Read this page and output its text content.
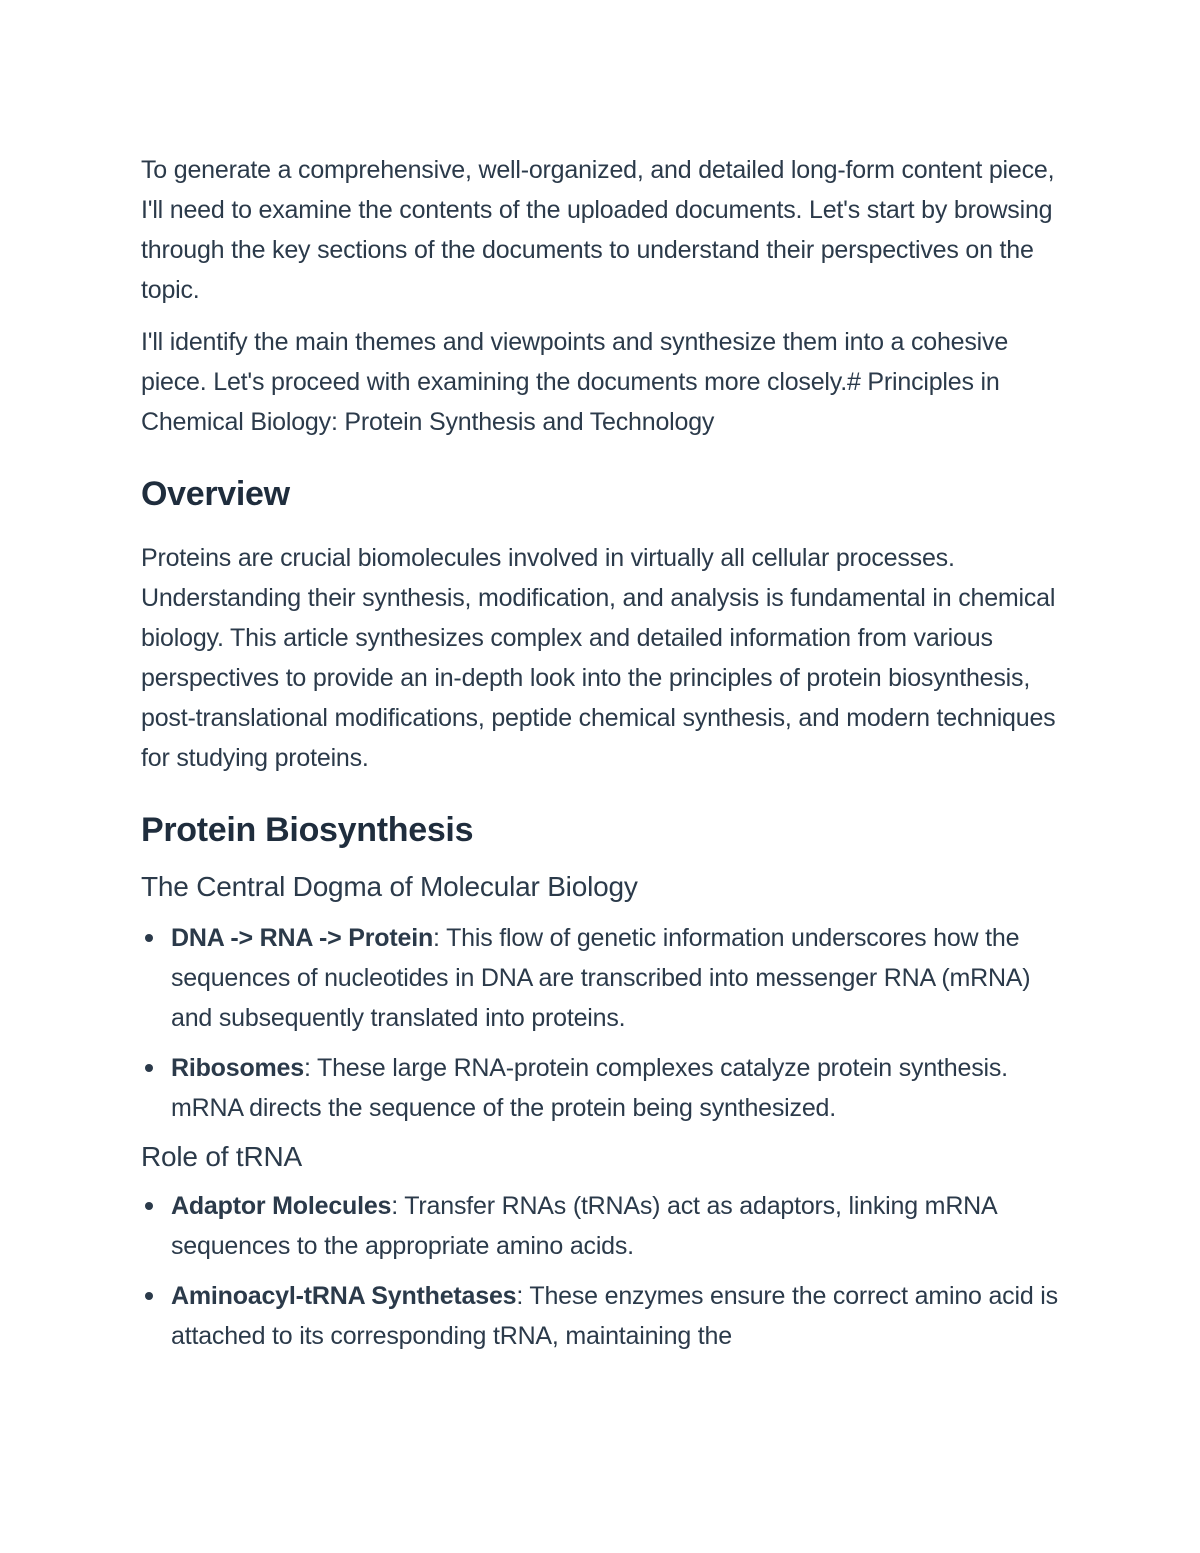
To generate a comprehensive, well-organized, and detailed long-form content piece, I'll need to examine the contents of the uploaded documents. Let's start by browsing through the key sections of the documents to understand their perspectives on the topic.

I'll identify the main themes and viewpoints and synthesize them into a cohesive piece. Let's proceed with examining the documents more closely.# Principles in Chemical Biology: Protein Synthesis and Technology

Overview

Proteins are crucial biomolecules involved in virtually all cellular processes. Understanding their synthesis, modification, and analysis is fundamental in chemical biology. This article synthesizes complex and detailed information from various perspectives to provide an in-depth look into the principles of protein biosynthesis, post-translational modifications, peptide chemical synthesis, and modern techniques for studying proteins.

Protein Biosynthesis
The Central Dogma of Molecular Biology
DNA -> RNA -> Protein: This flow of genetic information underscores how the sequences of nucleotides in DNA are transcribed into messenger RNA (mRNA) and subsequently translated into proteins.
Ribosomes: These large RNA-protein complexes catalyze protein synthesis. mRNA directs the sequence of the protein being synthesized.
Role of tRNA
Adaptor Molecules: Transfer RNAs (tRNAs) act as adaptors, linking mRNA sequences to the appropriate amino acids.
Aminoacyl-tRNA Synthetases: These enzymes ensure the correct amino acid is attached to its corresponding tRNA, maintaining the
